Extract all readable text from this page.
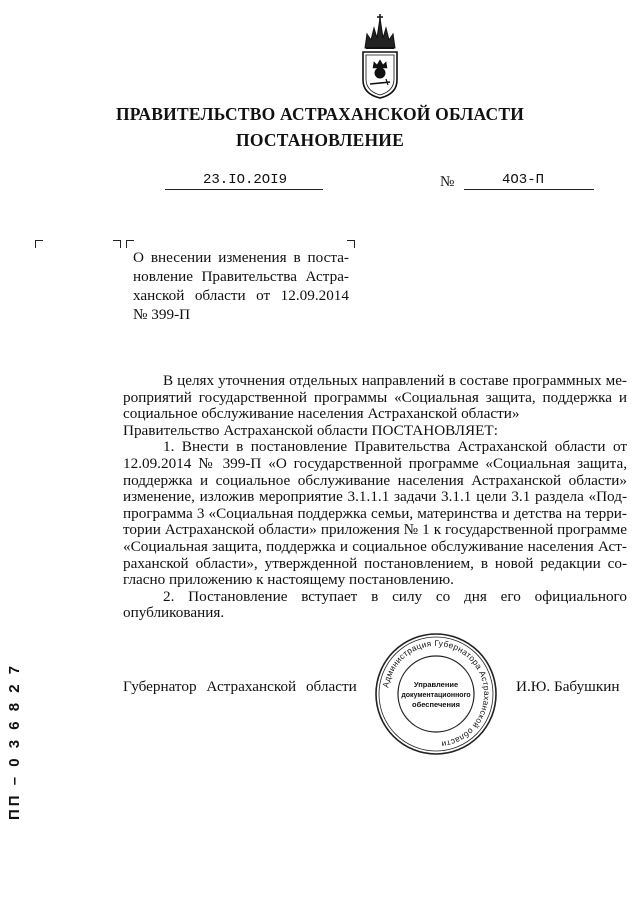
ПРАВИТЕЛЬСТВО АСТРАХАНСКОЙ ОБЛАСТИ
ПОСТАНОВЛЕНИЕ
23.IO.2OI9	№	4O3-П
О внесении изменения в поста-
новление Правительства Астра-
ханской области от 12.09.2014
№ 399-П
В целях уточнения отдельных направлений в составе программных ме-
роприятий государственной программы «Социальная защита, поддержка и
социальное обслуживание населения Астраханской области»
Правительство Астраханской области ПОСТАНОВЛЯЕТ:
1. Внести в постановление Правительства Астраханской области от
12.09.2014 № 399-П «О государственной программе «Социальная защита,
поддержка и социальное обслуживание населения Астраханской области»
изменение, изложив мероприятие 3.1.1.1 задачи 3.1.1 цели 3.1 раздела «Под-
программа 3 «Социальная поддержка семьи, материнства и детства на терри-
тории Астраханской области» приложения № 1 к государственной программе
«Социальная защита, поддержка и социальное обслуживание населения Аст-
раханской области», утвержденной постановлением, в новой редакции со-
гласно приложению к настоящему постановлению.
2. Постановление вступает в силу со дня его официального
опубликования.
Губернатор Астраханской области	И.Ю. Бабушкин
Администрация Губернатора Астраханской области
Управление
документационного
обеспечения
ПП – 0 3 6 8 2 7
